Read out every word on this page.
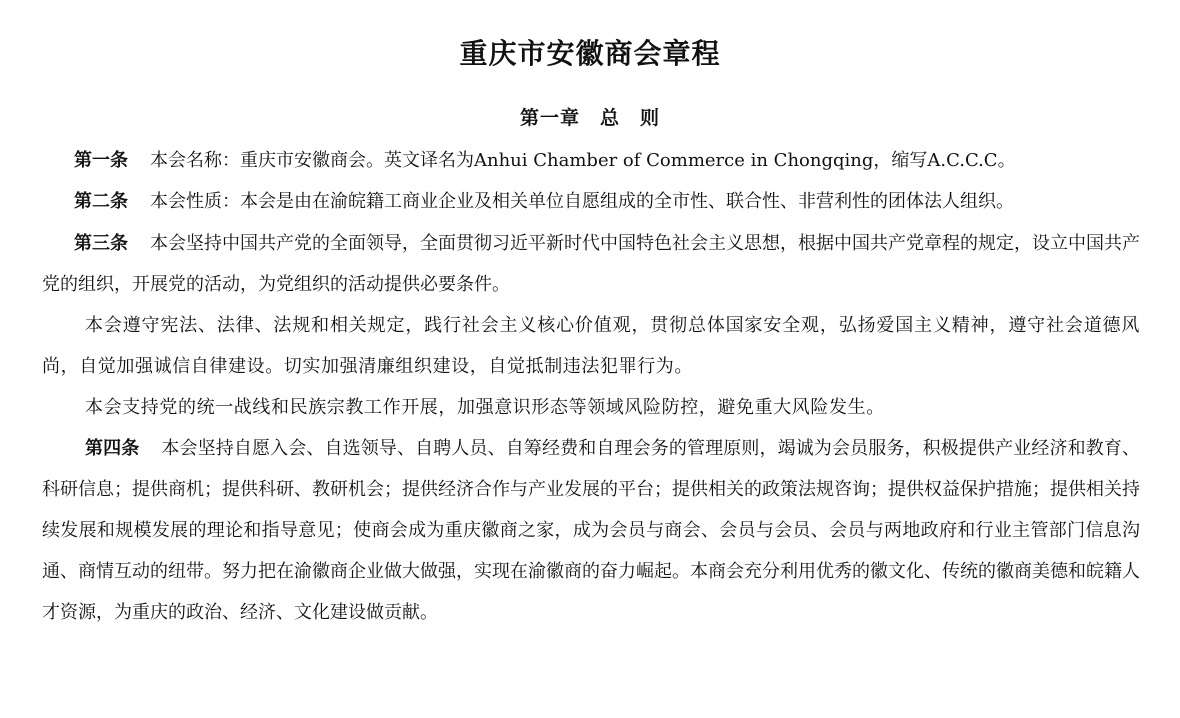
重庆市安徽商会章程
第一章　总　则

第一条 本会名称：重庆市安徽商会。英文译名为Anhui Chamber of Commerce in Chongqing，缩写A.C.C.C。

第二条 本会性质：本会是由在渝皖籍工商业企业及相关单位自愿组成的全市性、联合性、非营利性的团体法人组织。

第三条 本会坚持中国共产党的全面领导，全面贯彻习近平新时代中国特色社会主义思想，根据中国共产党章程的规定，设立中国共产党的组织，开展党的活动，为党组织的活动提供必要条件。

本会遵守宪法、法律、法规和相关规定，践行社会主义核心价值观，贯彻总体国家安全观，弘扬爱国主义精神，遵守社会道德风尚，自觉加强诚信自律建设。切实加强清廉组织建设，自觉抵制违法犯罪行为。

本会支持党的统一战线和民族宗教工作开展，加强意识形态等领域风险防控，避免重大风险发生。

第四条 本会坚持自愿入会、自选领导、自聘人员、自筹经费和自理会务的管理原则，竭诚为会员服务，积极提供产业经济和教育、科研信息；提供商机；提供科研、教研机会；提供经济合作与产业发展的平台；提供相关的政策法规咨询；提供权益保护措施；提供相关持续发展和规模发展的理论和指导意见；使商会成为重庆徽商之家，成为会员与商会、会员与会员、会员与两地政府和行业主管部门信息沟通、商情互动的纽带。努力把在渝徽商企业做大做强，实现在渝徽商的奋力崛起。本商会充分利用优秀的徽文化、传统的徽商美德和皖籍人才资源，为重庆的政治、经济、文化建设做贡献。
